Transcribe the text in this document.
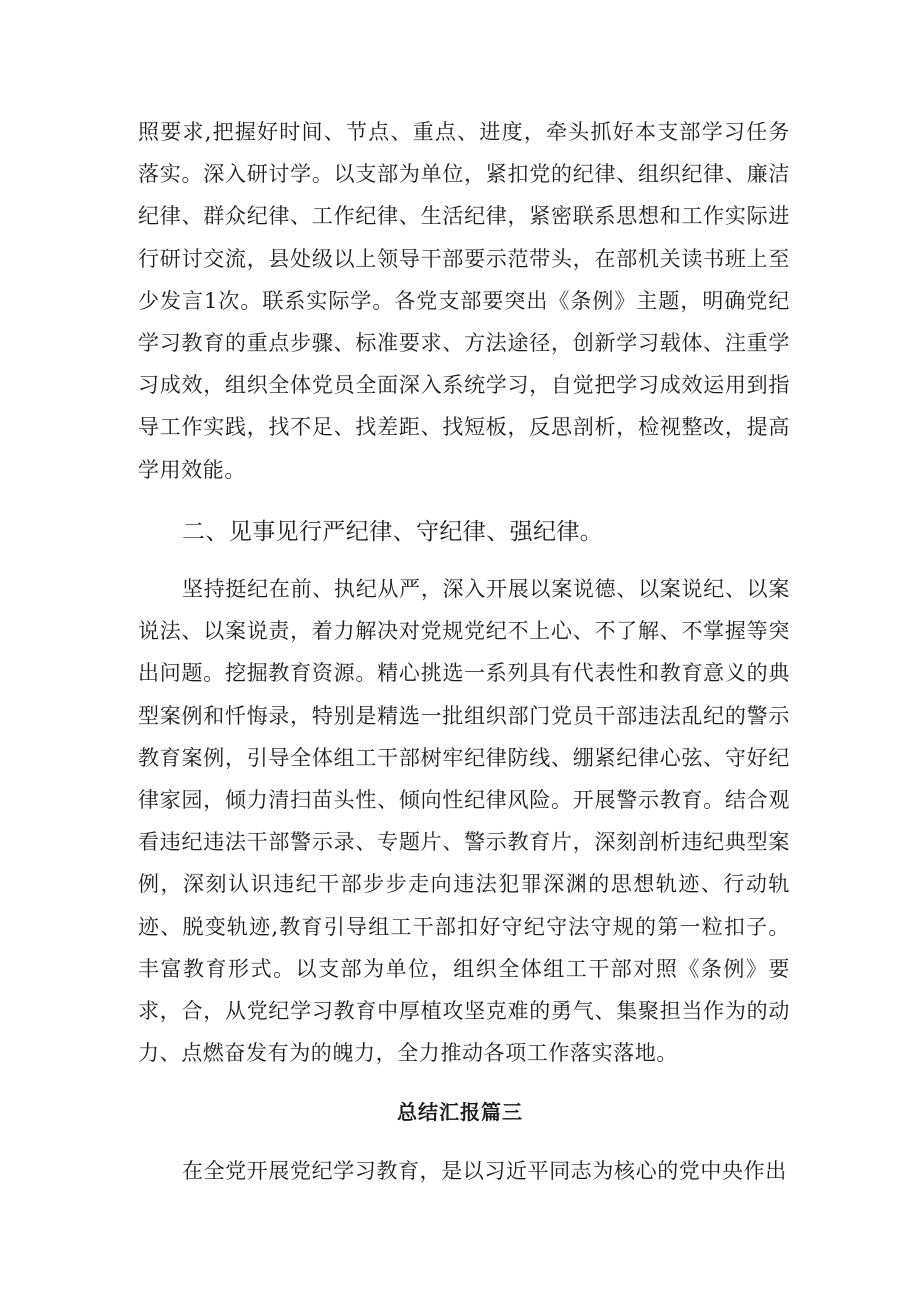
照要求,把握好时间、节点、重点、进度，牵头抓好本支部学习任务落实。深入研讨学。以支部为单位，紧扣党的纪律、组织纪律、廉洁纪律、群众纪律、工作纪律、生活纪律，紧密联系思想和工作实际进行研讨交流，县处级以上领导干部要示范带头，在部机关读书班上至少发言1次。联系实际学。各党支部要突出《条例》主题，明确党纪学习教育的重点步骤、标准要求、方法途径，创新学习载体、注重学习成效，组织全体党员全面深入系统学习，自觉把学习成效运用到指导工作实践，找不足、找差距、找短板，反思剖析，检视整改，提高学用效能。

二、见事见行严纪律、守纪律、强纪律。

坚持挺纪在前、执纪从严，深入开展以案说德、以案说纪、以案说法、以案说责，着力解决对党规党纪不上心、不了解、不掌握等突出问题。挖掘教育资源。精心挑选一系列具有代表性和教育意义的典型案例和忏悔录，特别是精选一批组织部门党员干部违法乱纪的警示教育案例，引导全体组工干部树牢纪律防线、绷紧纪律心弦、守好纪律家园，倾力清扫苗头性、倾向性纪律风险。开展警示教育。结合观看违纪违法干部警示录、专题片、警示教育片，深刻剖析违纪典型案例，深刻认识违纪干部步步走向违法犯罪深渊的思想轨迹、行动轨迹、脱变轨迹,教育引导组工干部扣好守纪守法守规的第一粒扣子。丰富教育形式。以支部为单位，组织全体组工干部对照《条例》要求，合，从党纪学习教育中厚植攻坚克难的勇气、集聚担当作为的动力、点燃奋发有为的魄力，全力推动各项工作落实落地。

总结汇报篇三

在全党开展党纪学习教育，是以习近平同志为核心的党中央作出
